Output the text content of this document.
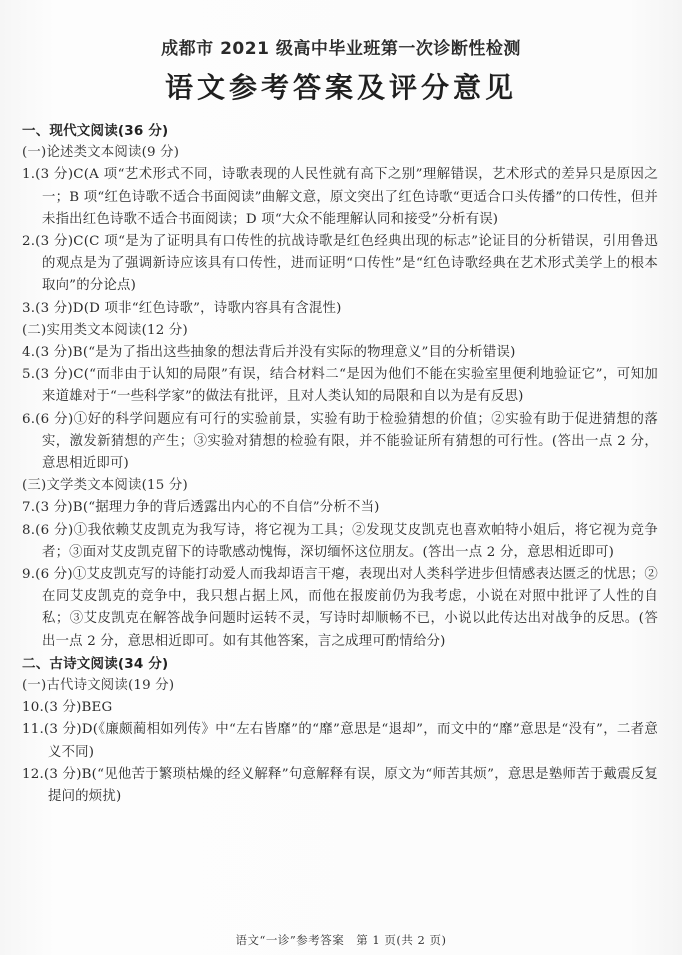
成都市 2021 级高中毕业班第一次诊断性检测
语文参考答案及评分意见
一、现代文阅读(36 分)
(一)论述类文本阅读(9 分)
1.(3 分)C(A 项“艺术形式不同，诗歌表现的人民性就有高下之别”理解错误，艺术形式的差异只是原因之一；B 项“红色诗歌不适合书面阅读”曲解文意，原文突出了红色诗歌“更适合口头传播”的口传性，但并未指出红色诗歌不适合书面阅读；D 项“大众不能理解认同和接受”分析有误)
2.(3 分)C(C 项“是为了证明具有口传性的抗战诗歌是红色经典出现的标志”论证目的分析错误，引用鲁迅的观点是为了强调新诗应该具有口传性，进而证明“口传性”是“红色诗歌经典在艺术形式美学上的根本取向”的分论点)
3.(3 分)D(D 项非“红色诗歌”，诗歌内容具有含混性)
(二)实用类文本阅读(12 分)
4.(3 分)B(“是为了指出这些抽象的想法背后并没有实际的物理意义”目的分析错误)
5.(3 分)C(“而非由于认知的局限”有误，结合材料二“是因为他们不能在实验室里便利地验证它”，可知加来道雄对于“一些科学家”的做法有批评，且对人类认知的局限和自以为是有反思)
6.(6 分)①好的科学问题应有可行的实验前景，实验有助于检验猜想的价值；②实验有助于促进猜想的落实，激发新猜想的产生；③实验对猜想的检验有限，并不能验证所有猜想的可行性。(答出一点 2 分，意思相近即可)
(三)文学类文本阅读(15 分)
7.(3 分)B(“据理力争的背后透露出内心的不自信”分析不当)
8.(6 分)①我依赖艾皮凯克为我写诗，将它视为工具；②发现艾皮凯克也喜欢帕特小姐后，将它视为竞争者；③面对艾皮凯克留下的诗歌感动愧悔，深切缅怀这位朋友。(答出一点 2 分，意思相近即可)
9.(6 分)①艾皮凯克写的诗能打动爱人而我却语言干瘪，表现出对人类科学进步但情感表达匮乏的忧思；②在同艾皮凯克的竞争中，我只想占据上风，而他在报废前仍为我考虑，小说在对照中批评了人性的自私；③艾皮凯克在解答战争问题时运转不灵，写诗时却顺畅不已，小说以此传达出对战争的反思。(答出一点 2 分，意思相近即可。如有其他答案，言之成理可酌情给分)
二、古诗文阅读(34 分)
(一)古代诗文阅读(19 分)
10.(3 分)BEG
11.(3 分)D(《廉颇蔺相如列传》中“左右皆靡”的“靡”意思是“退却”，而文中的“靡”意思是“没有”，二者意义不同)
12.(3 分)B(“见他苦于繁琐枯燥的经义解释”句意解释有误，原文为“师苦其烦”，意思是塾师苦于戴震反复提问的烦扰)
语文“一诊”参考答案　第 1 页(共 2 页)
